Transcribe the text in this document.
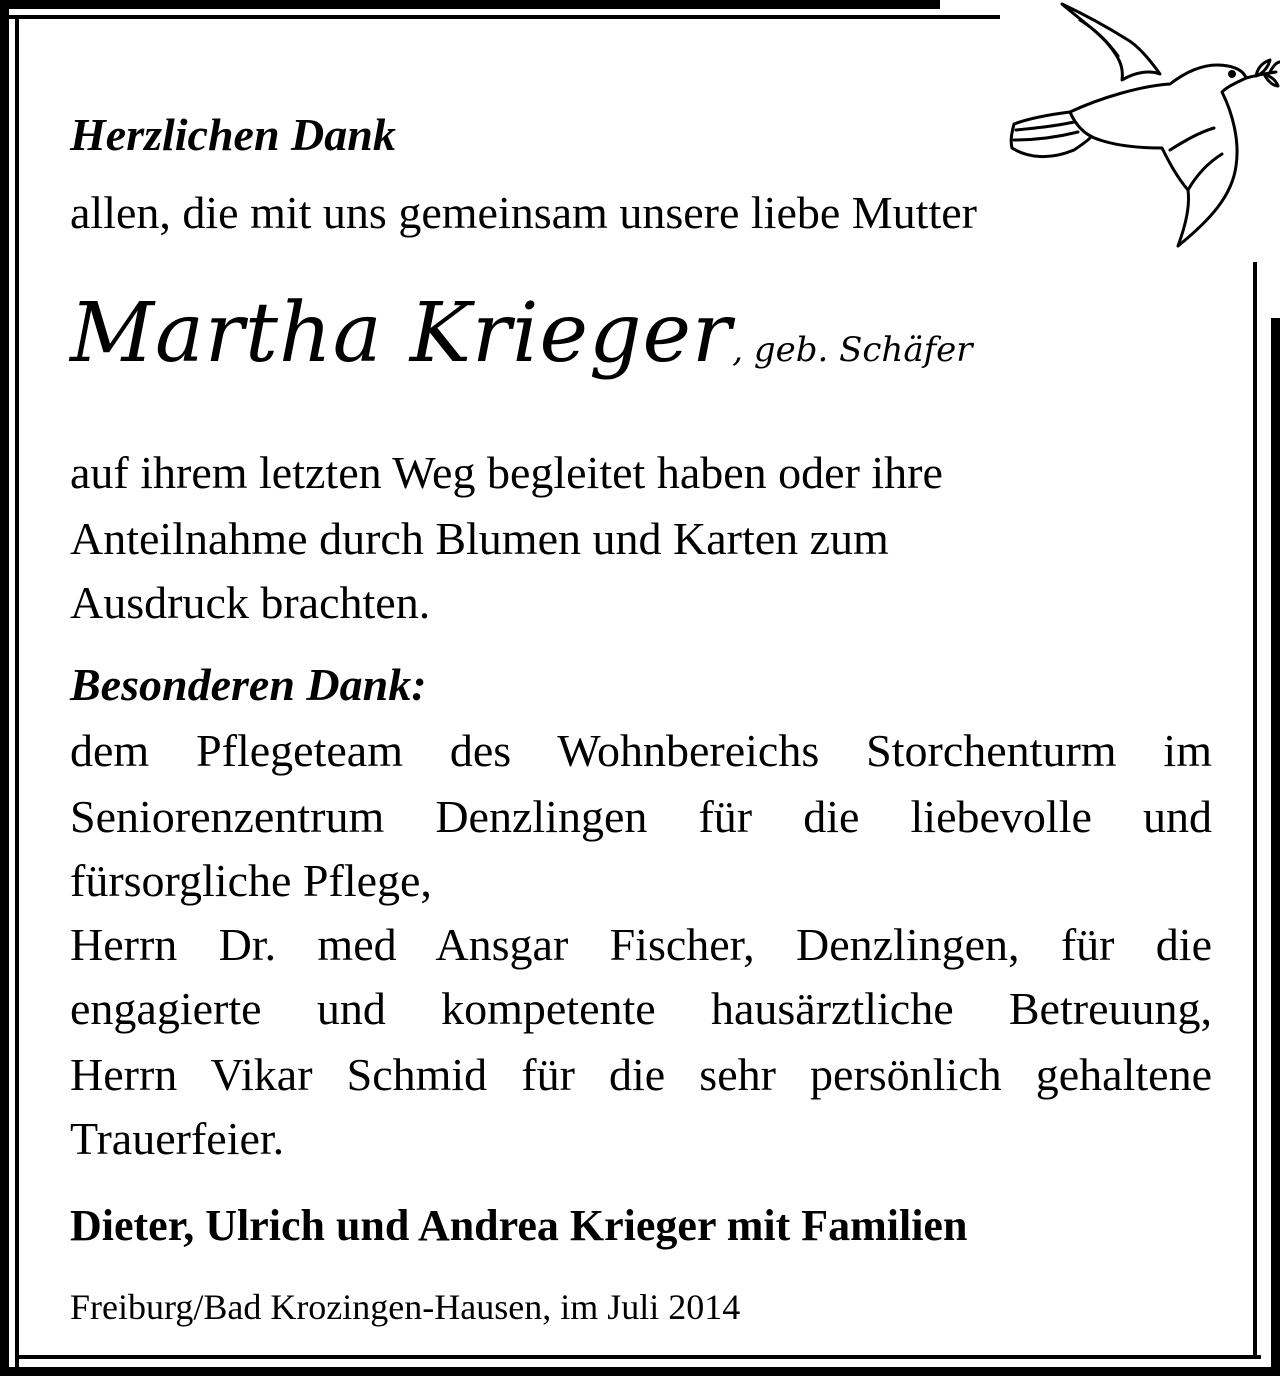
Herzlichen Dank
allen, die mit uns gemeinsam unsere liebe Mutter
Martha Krieger, geb. Schäfer
auf ihrem letzten Weg begleitet haben oder ihre
Anteilnahme durch Blumen und Karten zum
Ausdruck brachten.
Besonderen Dank:
dem Pflegeteam des Wohnbereichs Storchenturm im
Seniorenzentrum Denzlingen für die liebevolle und
fürsorgliche Pflege,
Herrn Dr. med Ansgar Fischer, Denzlingen, für die
engagierte und kompetente hausärztliche Betreuung,
Herrn Vikar Schmid für die sehr persönlich gehaltene
Trauerfeier.
Dieter, Ulrich und Andrea Krieger mit Familien
Freiburg/Bad Krozingen-Hausen, im Juli 2014
